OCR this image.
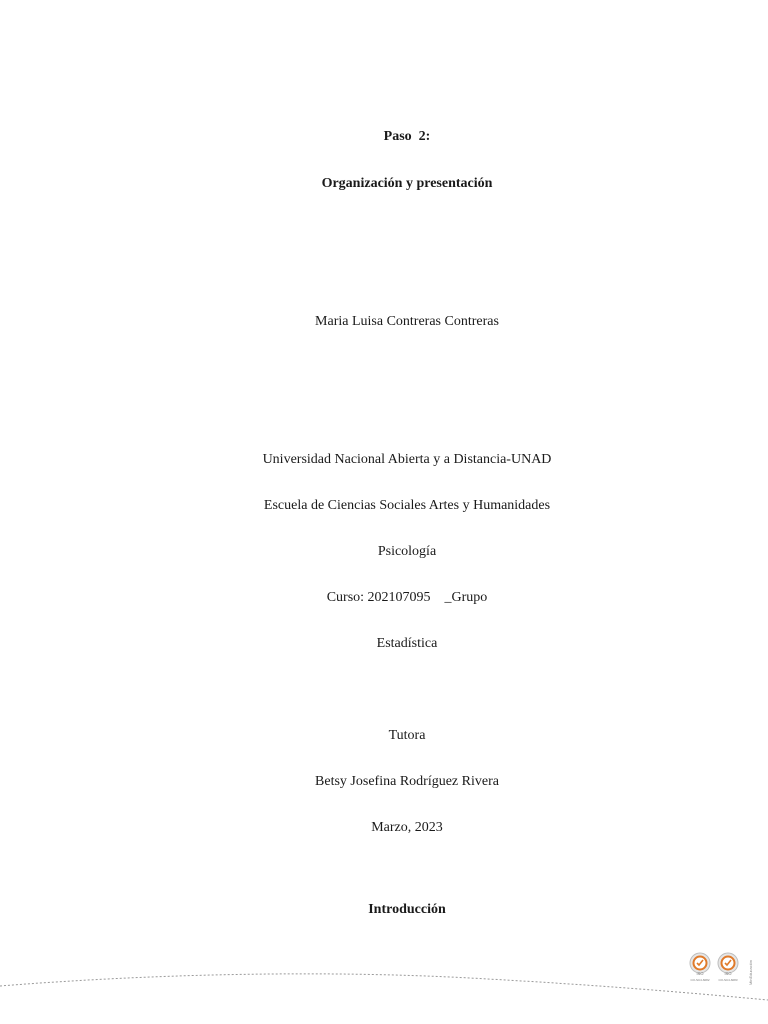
Paso  2:
Organización y presentación
Maria Luisa Contreras Contreras
Universidad Nacional Abierta y a Distancia-UNAD
Escuela de Ciencias Sociales Artes y Humanidades
Psicología
Curso: 202107095    _Grupo
Estadística
Tutora
Betsy Josefina Rodríguez Rivera
Marzo, 2023
Introducción
ISO
CO-SC4-6082
ISO
CO-SC4-6083	MinEducación
